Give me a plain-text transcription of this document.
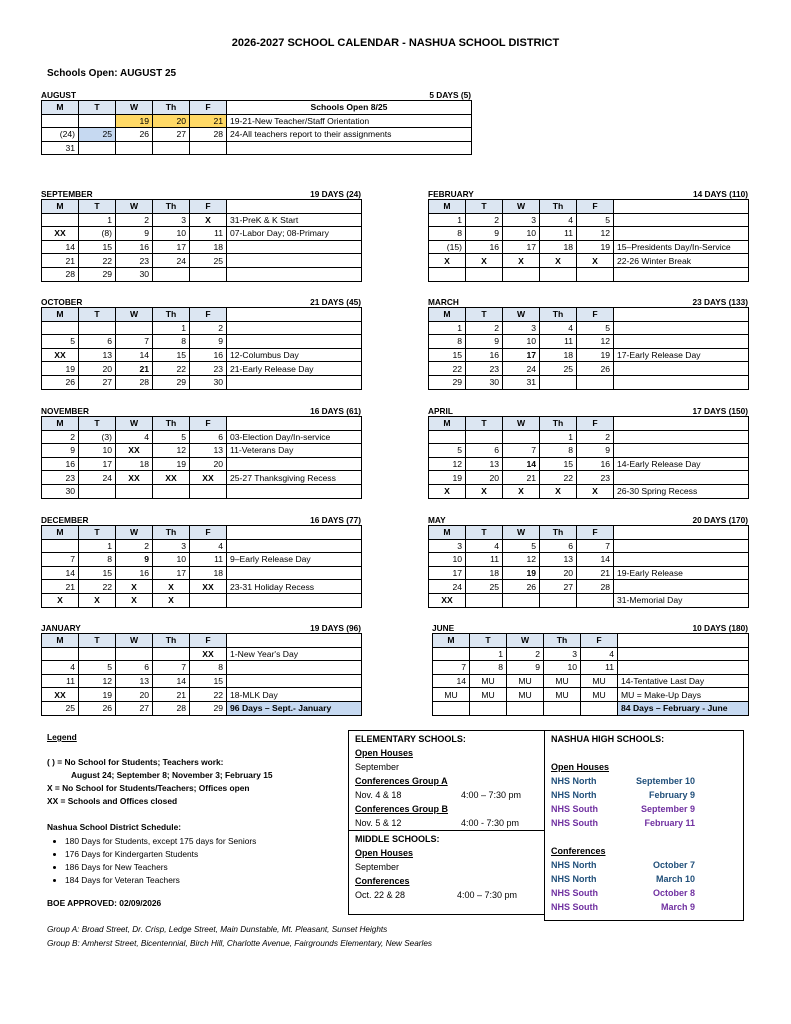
2026-2027 SCHOOL CALENDAR - NASHUA SCHOOL DISTRICT
Schools Open: AUGUST 25
AUGUST	5 DAYS (5)
M	T	W	Th	F	Schools Open 8/25
		19	20	21	19-21-New Teacher/Staff Orientation
(24)	25	26	27	28	24-All teachers report to their assignments
31					
SEPTEMBER	19 DAYS (24)
M	T	W	Th	F	
	1	2	3	X	31-PreK & K Start
XX	(8)	9	10	11	07-Labor Day; 08-Primary
14	15	16	17	18	
21	22	23	24	25	
28	29	30			
OCTOBER	21 DAYS (45)
M	T	W	Th	F	
			1	2	
5	6	7	8	9	
XX	13	14	15	16	12-Columbus Day
19	20	21	22	23	21-Early Release Day
26	27	28	29	30	
NOVEMBER	16 DAYS (61)
M	T	W	Th	F	
2	(3)	4	5	6	03-Election Day/In-service
9	10	XX	12	13	11-Veterans Day
16	17	18	19	20	
23	24	XX	XX	XX	25-27 Thanksgiving Recess
30					
DECEMBER	16 DAYS (77)
M	T	W	Th	F	
	1	2	3	4	
7	8	9	10	11	9–Early Release Day
14	15	16	17	18	
21	22	X	X	XX	23-31 Holiday Recess
X	X	X	X		
JANUARY	19 DAYS (96)
M	T	W	Th	F	
				XX	1-New Year's Day
4	5	6	7	8	
11	12	13	14	15	
XX	19	20	21	22	18-MLK Day
25	26	27	28	29	96 Days – Sept.- January
FEBRUARY	14 DAYS (110)
M	T	W	Th	F	
1	2	3	4	5	
8	9	10	11	12	
(15)	16	17	18	19	15–Presidents Day/In-Service
X	X	X	X	X	22-26 Winter Break

MARCH	23 DAYS (133)
M	T	W	Th	F	
1	2	3	4	5	
8	9	10	11	12	
15	16	17	18	19	17-Early Release Day
22	23	24	25	26	
29	30	31			
APRIL	17 DAYS (150)
M	T	W	Th	F	
			1	2	
5	6	7	8	9	
12	13	14	15	16	14-Early Release Day
19	20	21	22	23	
X	X	X	X	X	26-30 Spring Recess
MAY	20 DAYS (170)
M	T	W	Th	F	
3	4	5	6	7	
10	11	12	13	14	
17	18	19	20	21	19-Early Release
24	25	26	27	28	
XX					31-Memorial Day
JUNE	10 DAYS (180)
M	T	W	Th	F	
	1	2	3	4	
7	8	9	10	11	
14	MU	MU	MU	MU	14-Tentative Last Day
MU	MU	MU	MU	MU	MU = Make-Up Days
					84 Days – February - June
Legend
( ) = No School for Students; Teachers work:
August 24; September 8; November 3; February 15
X = No School for Students/Teachers; Offices open
XX = Schools and Offices closed
Nashua School District Schedule:
• 180 Days for Students, except 175 days for Seniors
• 176 Days for Kindergarten Students
• 186 Days for New Teachers
• 184 Days for Veteran Teachers
BOE APPROVED: 02/09/2026
ELEMENTARY SCHOOLS:
Open Houses
September
Conferences Group A
Nov. 4 & 18	4:00 – 7:30 pm
Conferences Group B
Nov. 5 & 12	4:00 - 7:30 pm
MIDDLE SCHOOLS:
Open Houses
September
Conferences
Oct. 22 & 28	4:00 – 7:30 pm
NASHUA HIGH SCHOOLS:
Open Houses
NHS North	September 10
NHS North	February 9
NHS South	September 9
NHS South	February 11
Conferences
NHS North	October 7
NHS North	March 10
NHS South	October 8
NHS South	March 9
Group A: Broad Street, Dr. Crisp, Ledge Street, Main Dunstable, Mt. Pleasant, Sunset Heights
Group B: Amherst Street, Bicentennial, Birch Hill, Charlotte Avenue, Fairgrounds Elementary, New Searles
